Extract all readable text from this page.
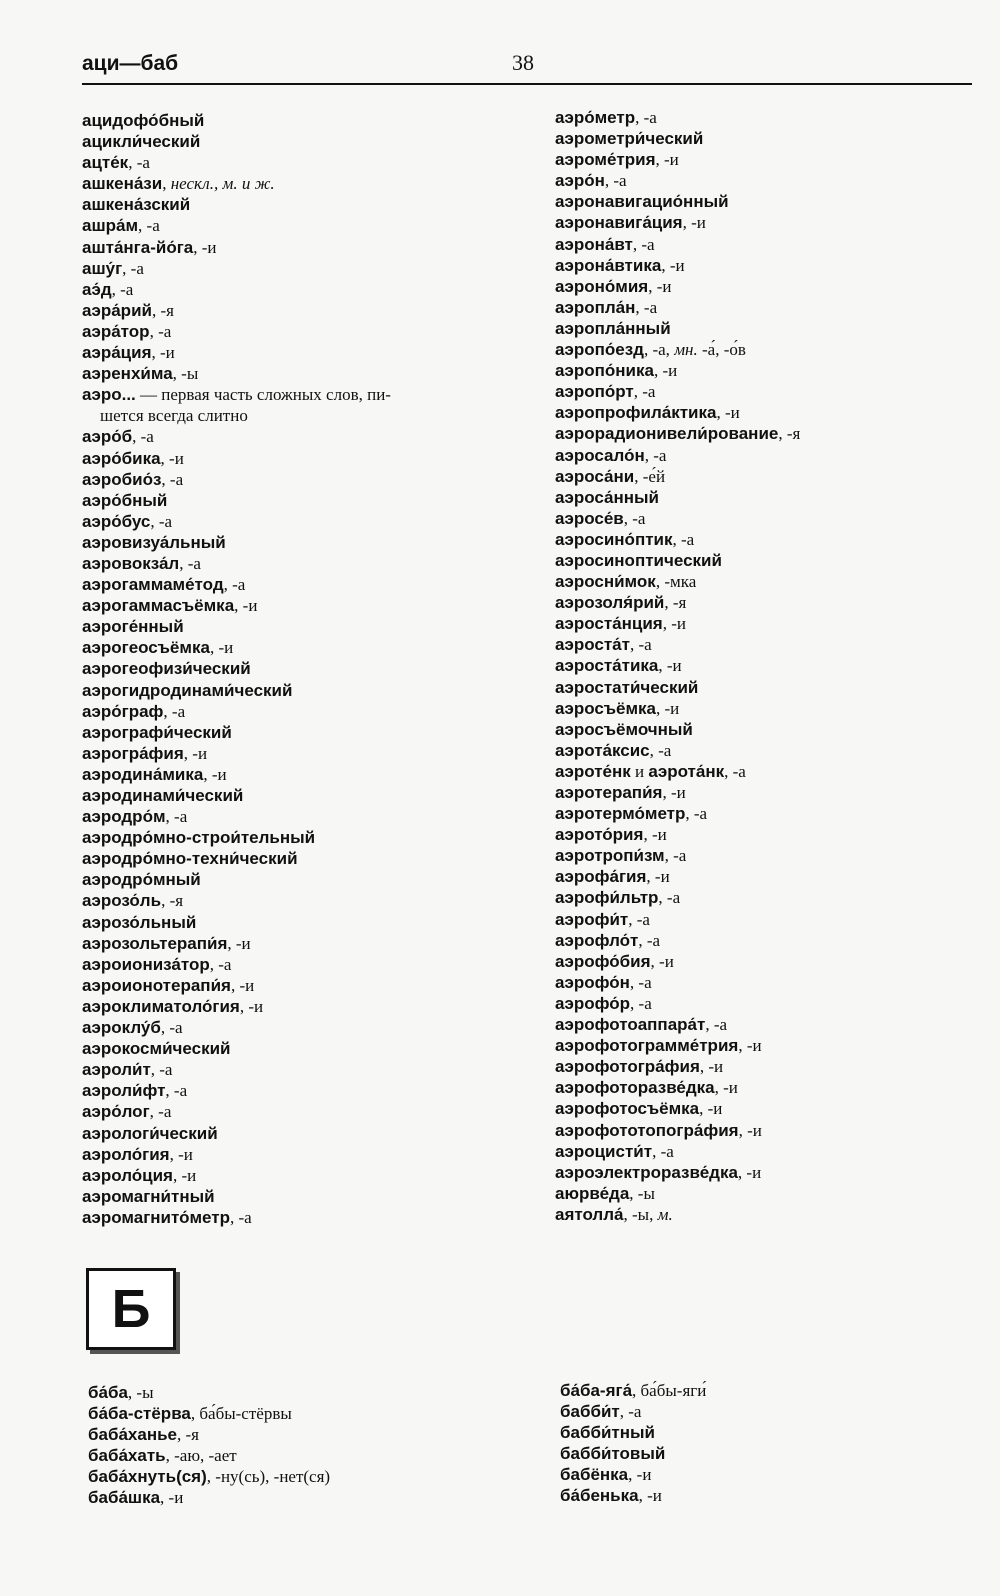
аци—баб	38
ацидофо́бный
ацикли́ческий
ацте́к, -а
ашкена́зи, нескл., м. и ж.
ашкена́зский
ашра́м, -а
ашта́нга-йо́га, -и
ашу́г, -а
аэ́д, -а
аэра́рий, -я
аэра́тор, -а
аэра́ция, -и
аэренхи́ма, -ы
аэро... — первая часть сложных слов, пи-
шется всегда слитно
аэро́б, -а
аэро́бика, -и
аэробио́з, -а
аэро́бный
аэро́бус, -а
аэровизуа́льный
аэровокза́л, -а
аэрогаммаме́тод, -а
аэрогаммасъёмка, -и
аэроге́нный
аэрогеосъёмка, -и
аэрогеофизи́ческий
аэрогидродинами́ческий
аэро́граф, -а
аэрографи́ческий
аэрогра́фия, -и
аэродина́мика, -и
аэродинами́ческий
аэродро́м, -а
аэродро́мно-строи́тельный
аэродро́мно-техни́ческий
аэродро́мный
аэрозо́ль, -я
аэрозо́льный
аэрозольтерапи́я, -и
аэроиониза́тор, -а
аэроионотерапи́я, -и
аэроклиматоло́гия, -и
аэроклу́б, -а
аэрокосми́ческий
аэроли́т, -а
аэроли́фт, -а
аэро́лог, -а
аэрологи́ческий
аэроло́гия, -и
аэроло́ция, -и
аэромагни́тный
аэромагнито́метр, -а
аэро́метр, -а
аэрометри́ческий
аэроме́трия, -и
аэро́н, -а
аэронавигацио́нный
аэронавига́ция, -и
аэрона́вт, -а
аэрона́втика, -и
аэроно́мия, -и
аэропла́н, -а
аэропла́нный
аэропо́езд, -а, мн. -а́, -о́в
аэропо́ника, -и
аэропо́рт, -а
аэропрофила́ктика, -и
аэрорадионивели́рование, -я
аэросало́н, -а
аэроса́ни, -е́й
аэроса́нный
аэросе́в, -а
аэросино́птик, -а
аэросиноптический
аэросни́мок, -мка
аэрозоля́рий, -я
аэроста́нция, -и
аэроста́т, -а
аэроста́тика, -и
аэростати́ческий
аэросъёмка, -и
аэросъёмочный
аэрота́ксис, -а
аэроте́нк и аэрота́нк, -а
аэротерапи́я, -и
аэротермо́метр, -а
аэрото́рия, -и
аэротропи́зм, -а
аэрофа́гия, -и
аэрофи́льтр, -а
аэрофи́т, -а
аэрофло́т, -а
аэрофо́бия, -и
аэрофо́н, -а
аэрофо́р, -а
аэрофотоаппара́т, -а
аэрофотограмме́трия, -и
аэрофотогра́фия, -и
аэрофоторазве́дка, -и
аэрофотосъёмка, -и
аэрофототопогра́фия, -и
аэроцисти́т, -а
аэроэлектроразве́дка, -и
аюрве́да, -ы
аятолла́, -ы, м.
Б
ба́ба, -ы
ба́ба-стёрва, ба́бы-стёрвы
баба́ханье, -я
баба́хать, -аю, -ает
баба́хнуть(ся), -ну(сь), -нет(ся)
баба́шка, -и
ба́ба-яга́, ба́бы-яги́
бабби́т, -а
бабби́тный
бабби́товый
бабёнка, -и
ба́бенька, -и
